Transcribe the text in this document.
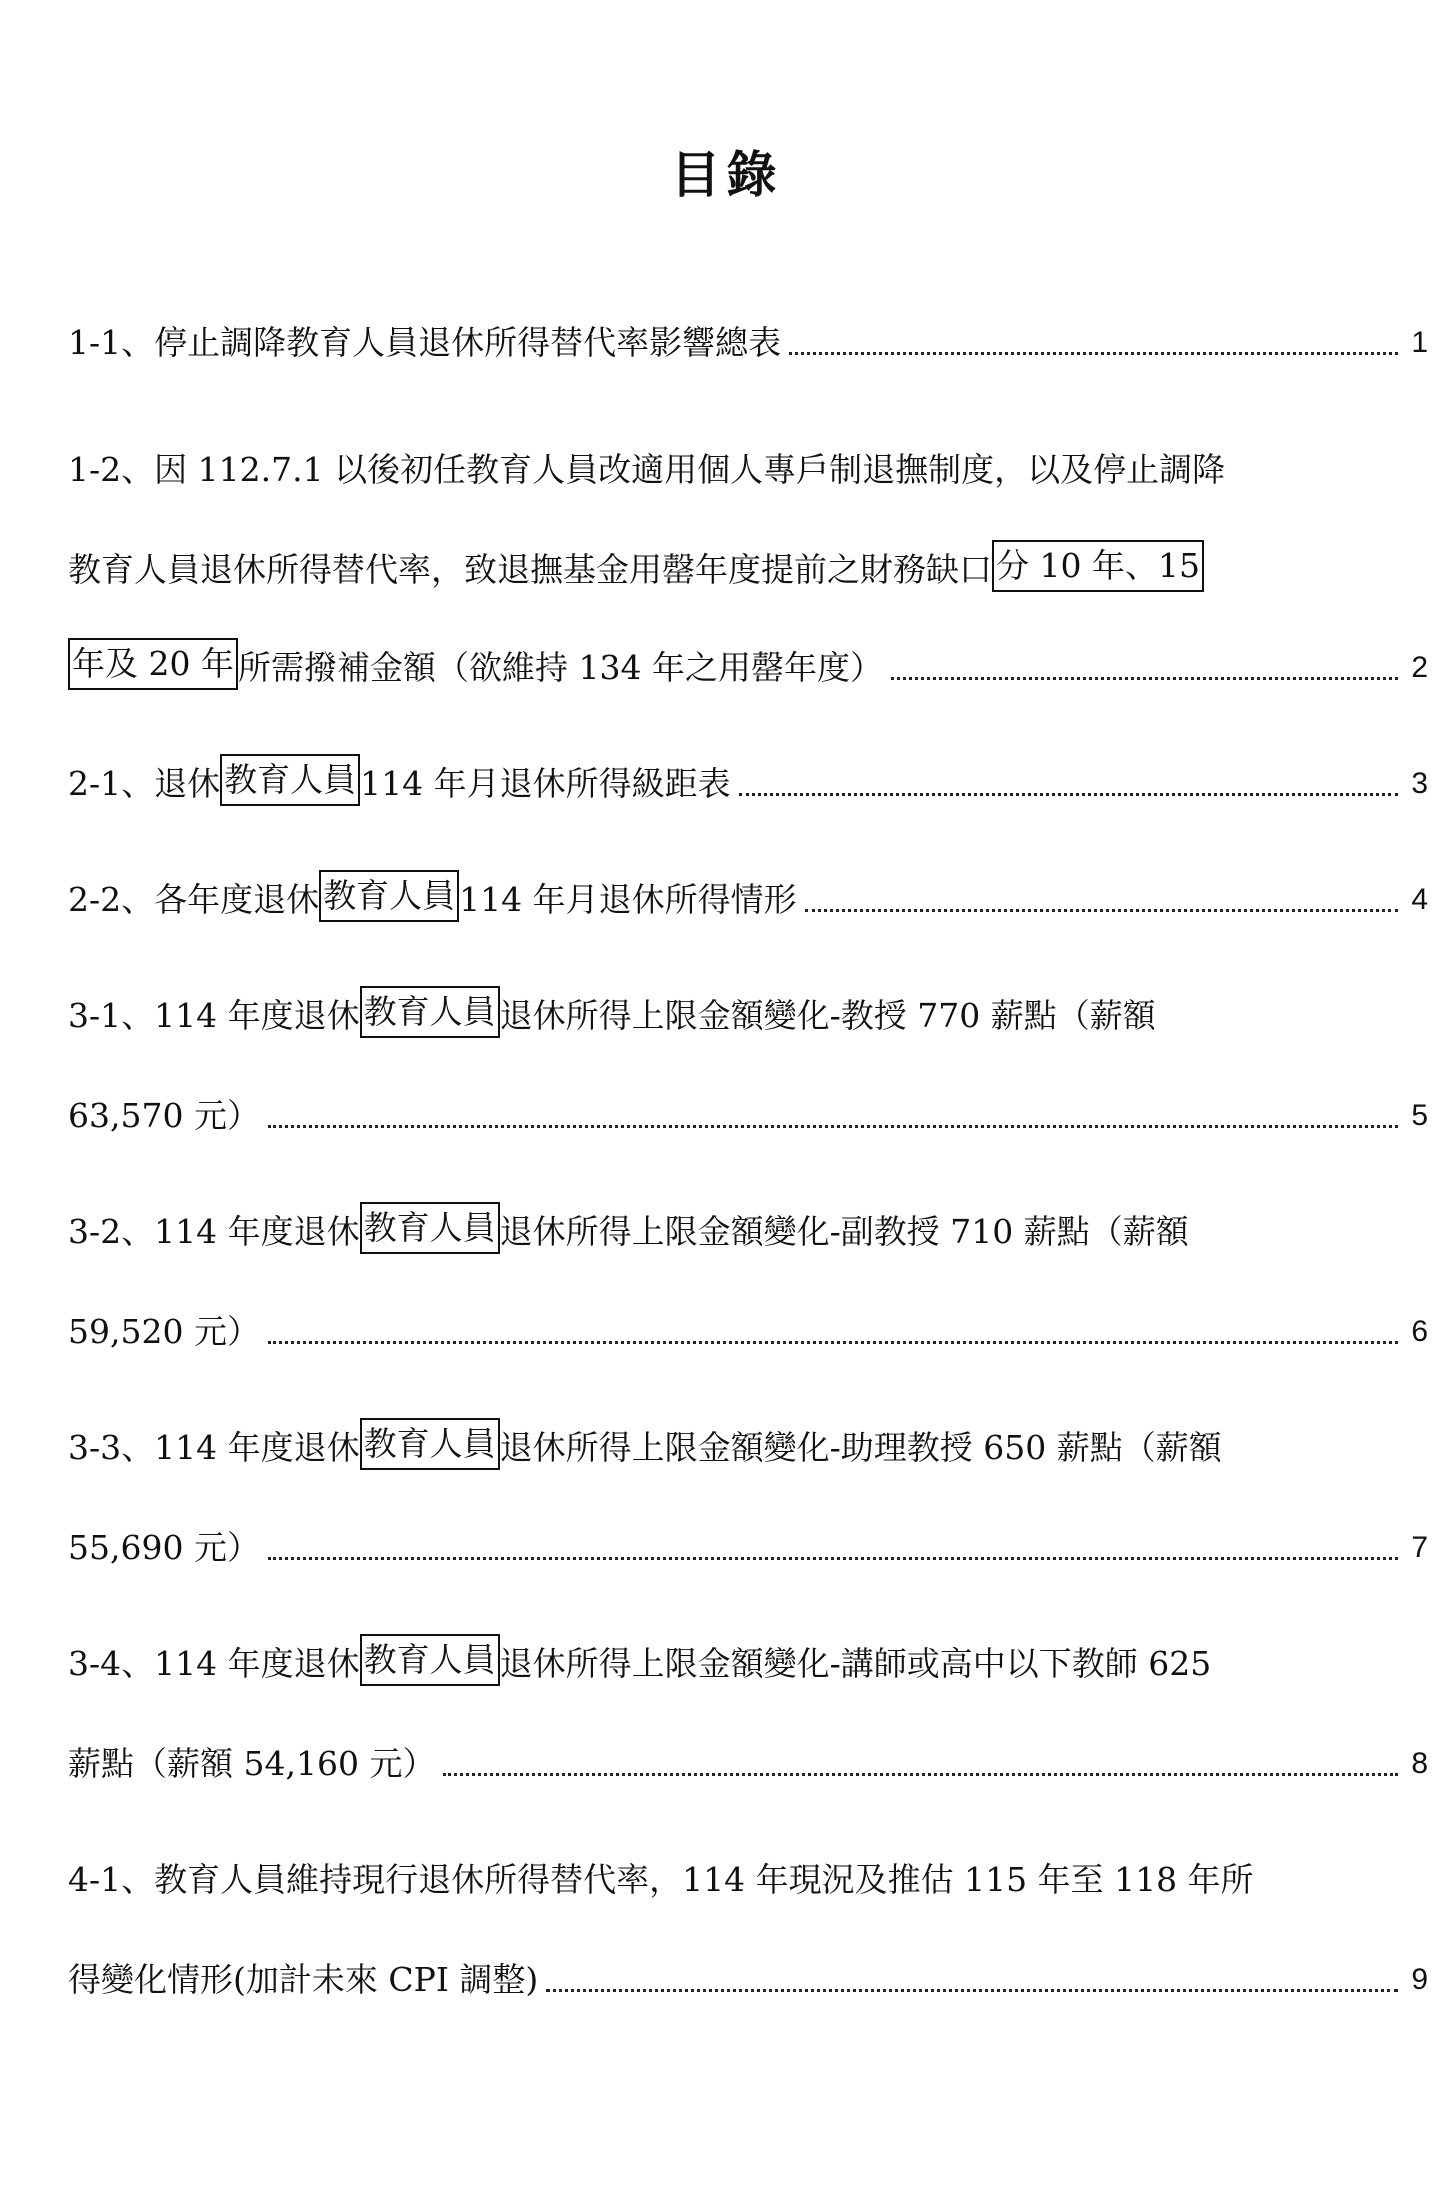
目錄
1-1、停止調降教育人員退休所得替代率影響總表	1
1-2、因 112.7.1 以後初任教育人員改適用個人專戶制退撫制度，以及停止調降
教育人員退休所得替代率，致退撫基金用罄年度提前之財務缺口 分 10 年、15
年及 20 年 所需撥補金額（欲維持 134 年之用罄年度）	2
2-1、退休 教育人員 114 年月退休所得級距表	3
2-2、各年度退休 教育人員 114 年月退休所得情形	4
3-1、114 年度退休 教育人員 退休所得上限金額變化-教授 770 薪點（薪額
63,570 元）	5
3-2、114 年度退休 教育人員 退休所得上限金額變化-副教授 710 薪點（薪額
59,520 元）	6
3-3、114 年度退休 教育人員 退休所得上限金額變化-助理教授 650 薪點（薪額
55,690 元）	7
3-4、114 年度退休 教育人員 退休所得上限金額變化-講師或高中以下教師 625
薪點（薪額 54,160 元）	8
4-1、教育人員維持現行退休所得替代率，114 年現況及推估 115 年至 118 年所
得變化情形(加計未來 CPI 調整)	9
